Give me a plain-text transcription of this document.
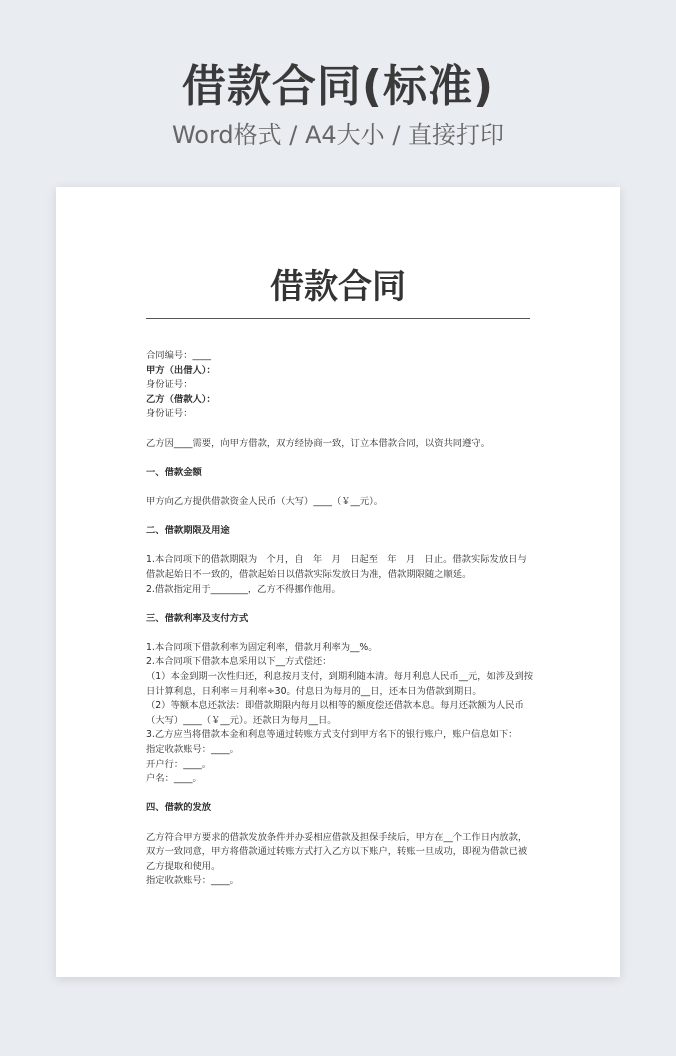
借款合同(标准)
Word格式 / A4大小 / 直接打印
借款合同
合同编号：____
甲方（出借人）：
身份证号：
乙方（借款人）：
身份证号：
乙方因____需要，向甲方借款，双方经协商一致，订立本借款合同，以资共同遵守。
一、借款金额
甲方向乙方提供借款资金人民币（大写）____（￥__元）。
二、借款期限及用途
1.本合同项下的借款期限为　个月，自　年　月　日起至　年　月　日止。借款实际发放日与借款起始日不一致的，借款起始日以借款实际发放日为准，借款期限随之顺延。
2.借款指定用于________，乙方不得挪作他用。
三、借款利率及支付方式
1.本合同项下借款利率为固定利率，借款月利率为__%。
2.本合同项下借款本息采用以下__方式偿还：
（1）本金到期一次性归还，利息按月支付，到期利随本清。每月利息人民币__元，如涉及到按日计算利息，日利率＝月利率÷30。付息日为每月的__日，还本日为借款到期日。
（2）等额本息还款法：即借款期限内每月以相等的额度偿还借款本息。每月还款额为人民币（大写）____（￥__元）。还款日为每月__日。
3.乙方应当将借款本金和利息等通过转账方式支付到甲方名下的银行账户，账户信息如下：
指定收款账号：____。
开户行：____。
户名：____。
四、借款的发放
乙方符合甲方要求的借款发放条件并办妥相应借款及担保手续后，甲方在__个工作日内放款，双方一致同意，甲方将借款通过转账方式打入乙方以下账户，转账一旦成功，即视为借款已被乙方提取和使用。
指定收款账号：____。
